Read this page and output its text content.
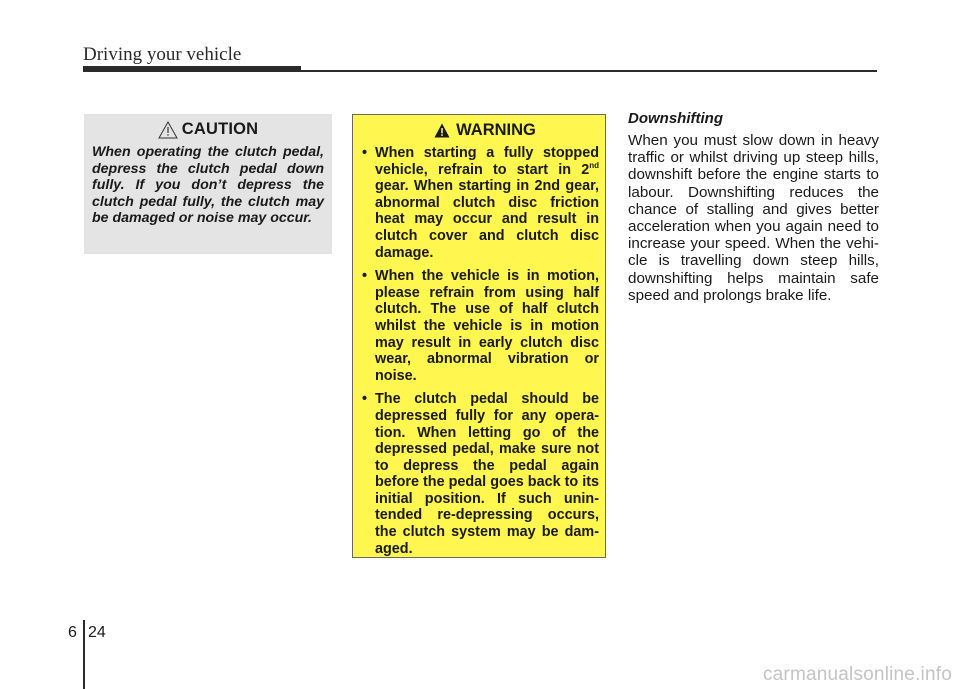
Driving your vehicle
CAUTION
When operating the clutch pedal, depress the clutch pedal down fully. If you don’t depress the clutch pedal fully, the clutch may be damaged or noise may occur.
WARNING
• When starting a fully stopped vehicle, refrain to start in 2nd gear. When starting in 2nd gear, abnormal clutch disc friction heat may occur and result in clutch cover and clutch disc damage.
• When the vehicle is in motion, please refrain from using half clutch. The use of half clutch whilst the vehicle is in motion may result in early clutch disc wear, abnormal vibration or noise.
• The clutch pedal should be depressed fully for any opera-tion. When letting go of the depressed pedal, make sure not to depress the pedal again before the pedal goes back to its initial position. If such unin-tended re-depressing occurs, the clutch system may be dam-aged.
Downshifting
When you must slow down in heavy traffic or whilst driving up steep hills, downshift before the engine starts to labour. Downshifting reduces the chance of stalling and gives better acceleration when you again need to increase your speed. When the vehi-cle is travelling down steep hills, downshifting helps maintain safe speed and prolongs brake life.
6 24
carmanualsonline.info
